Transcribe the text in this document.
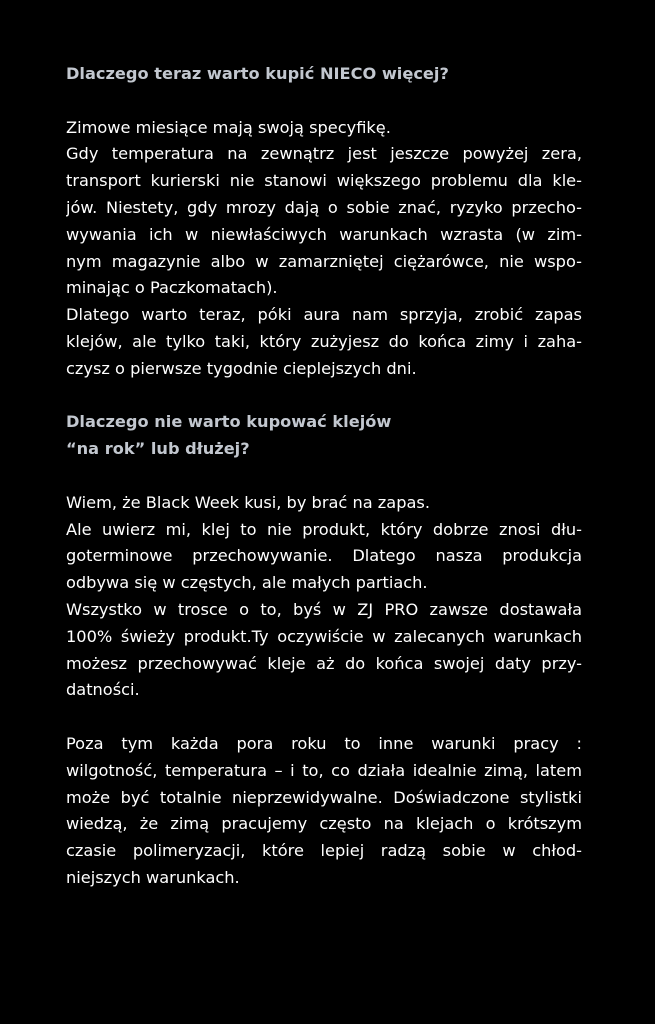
Dlaczego teraz warto kupić NIECO więcej?
Zimowe miesiące mają swoją specyfikę.
Gdy temperatura na zewnątrz jest jeszcze powyżej zera,
transport kurierski nie stanowi większego problemu dla kle-
jów. Niestety, gdy mrozy dają o sobie znać, ryzyko przecho-
wywania ich w niewłaściwych warunkach wzrasta (w zim-
nym magazynie albo w zamarzniętej ciężarówce, nie wspo-
minając o Paczkomatach).
Dlatego warto teraz, póki aura nam sprzyja, zrobić zapas
klejów, ale tylko taki, który zużyjesz do końca zimy i zaha-
czysz o pierwsze tygodnie cieplejszych dni.
Dlaczego nie warto kupować klejów
“na rok” lub dłużej?
Wiem, że Black Week kusi, by brać na zapas.
Ale uwierz mi, klej to nie produkt, który dobrze znosi dłu-
goterminowe przechowywanie. Dlatego nasza produkcja
odbywa się w częstych, ale małych partiach.
Wszystko w trosce o to, byś w ZJ PRO zawsze dostawała
100% świeży produkt.Ty oczywiście w zalecanych warunkach
możesz przechowywać kleje aż do końca swojej daty przy-
datności.
Poza tym każda pora roku to inne warunki pracy :
wilgotność, temperatura – i to, co działa idealnie zimą, latem
może być totalnie nieprzewidywalne. Doświadczone stylistki
wiedzą, że zimą pracujemy często na klejach o krótszym
czasie polimeryzacji, które lepiej radzą sobie w chłod-
niejszych warunkach.
